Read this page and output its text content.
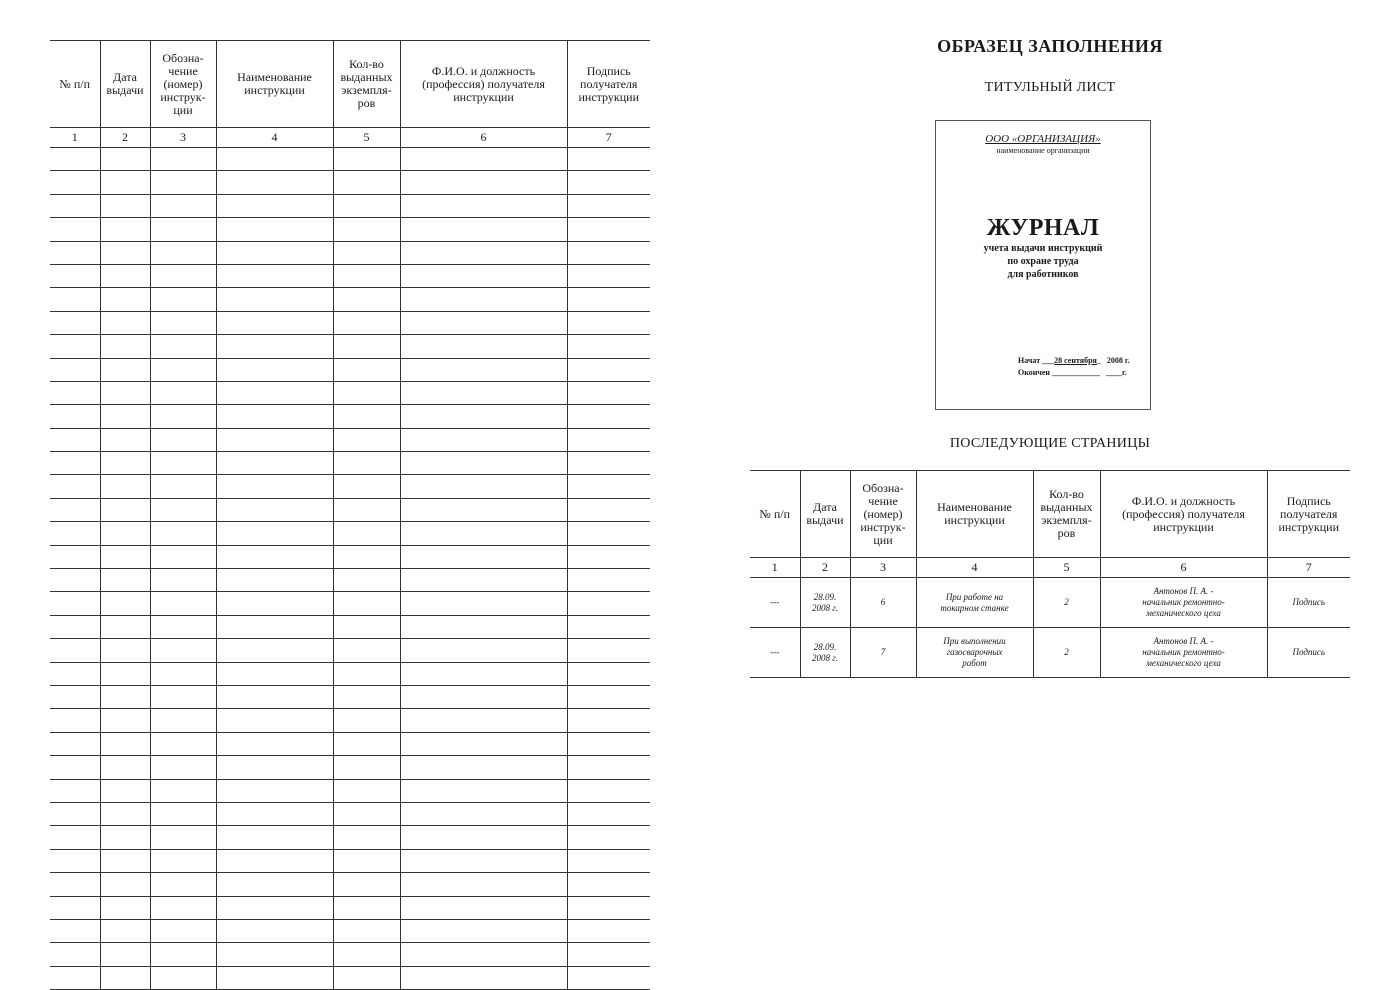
№ п/п	Дата выдачи	Обозна-
чение
(номер)
инструк-
ции	Наименование инструкции	Кол-во выданных экземпля-
ров	Ф.И.О. и должность (профессия) получателя инструкции	Подпись получателя инструкции
1	2	3	4	5	6	7

ОБРАЗЕЦ ЗАПОЛНЕНИЯ
ТИТУЛЬНЫЙ ЛИСТ
ООО «ОРГАНИЗАЦИЯ»
наименование организации
ЖУРНАЛ
учета выдачи инструкций
по охране труда
для работников
Начат ___28 сентября_   2008 г.
Окончен ____________   ____г.
ПОСЛЕДУЮЩИЕ СТРАНИЦЫ
№ п/п	Дата выдачи	Обозна-
чение
(номер)
инструк-
ции	Наименование инструкции	Кол-во выданных экземпля-
ров	Ф.И.О. и должность (профессия) получателя инструкции	Подпись получателя инструкции
1	2	3	4	5	6	7
---	28.09.
2008 г.	6	При работе на
токарном станке	2	Антонов П. А. -
начальник ремонтно-
механического цеха	Подпись
---	28.09.
2008 г.	7	При выполнении
газосварочных
работ	2	Антонов П. А. -
начальник ремонтно-
механического цеха	Подпись
